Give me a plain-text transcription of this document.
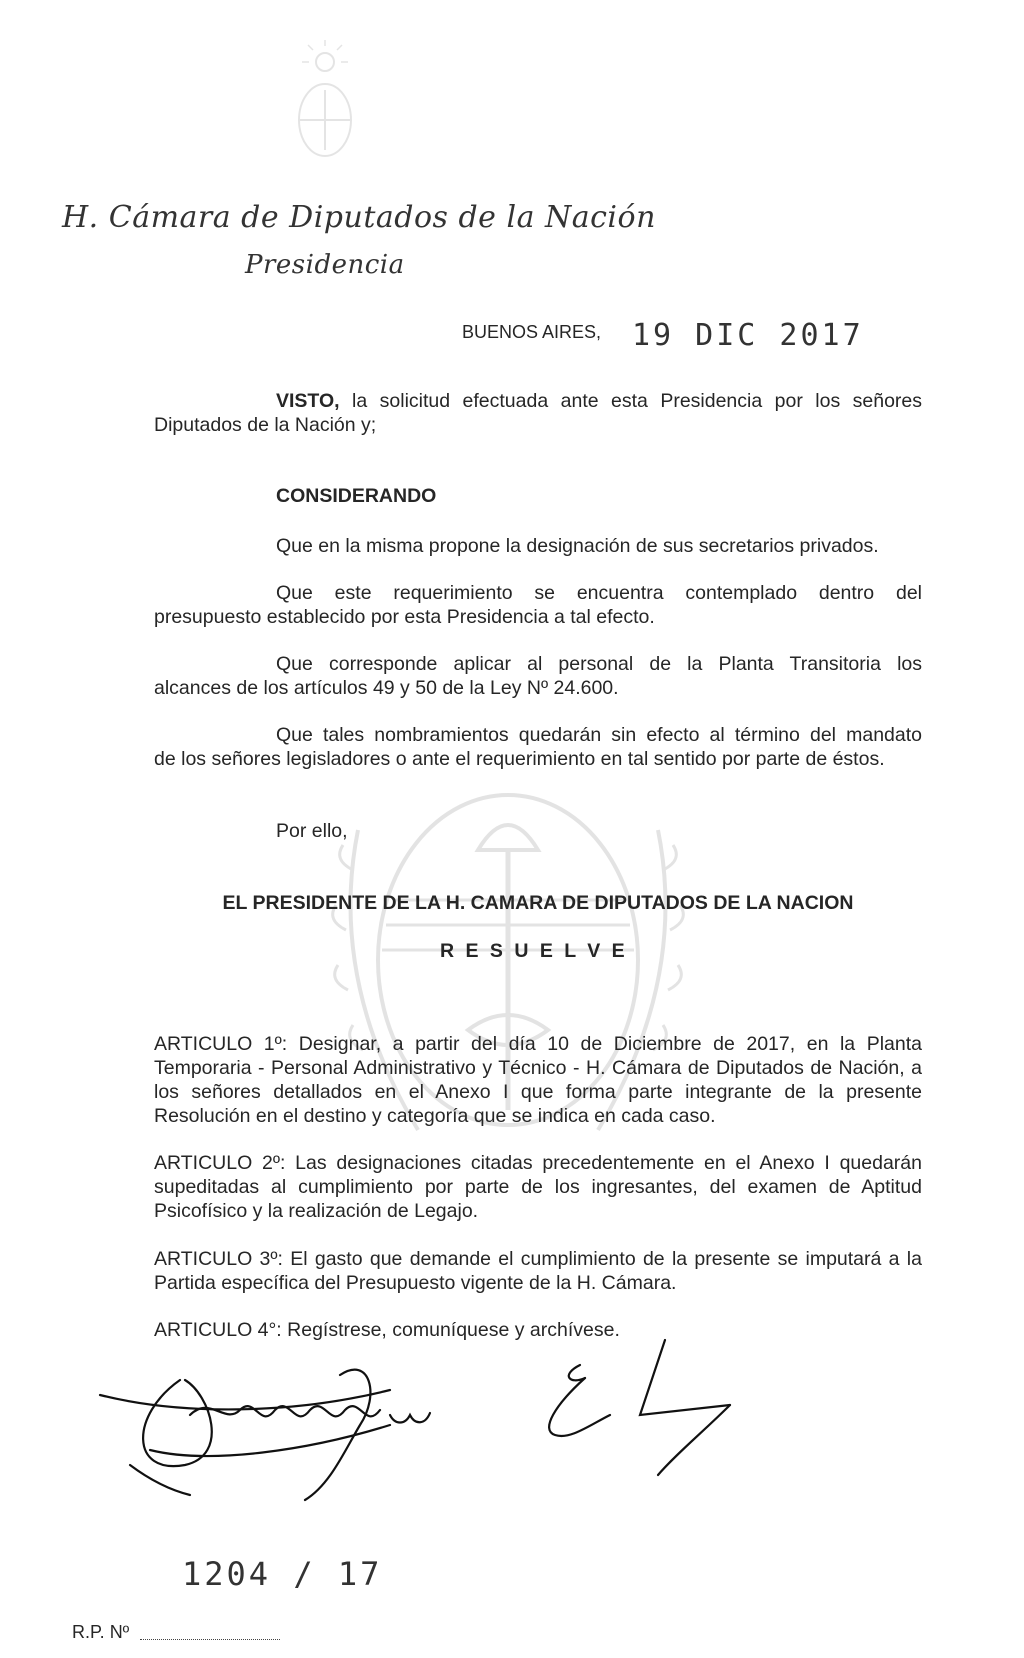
H. Cámara de Diputados de la Nación
Presidencia
BUENOS AIRES, 19 DIC 2017
VISTO, la solicitud efectuada ante esta Presidencia por los señores
Diputados de la Nación y;
CONSIDERANDO
Que en la misma propone la designación de sus secretarios privados.
Que este requerimiento se encuentra contemplado dentro del
presupuesto establecido por esta Presidencia a tal efecto.
Que corresponde aplicar al personal de la Planta Transitoria los
alcances de los artículos 49 y 50 de la Ley Nº 24.600.
Que tales nombramientos quedarán sin efecto al término del mandato
de los señores legisladores o ante el requerimiento en tal sentido por parte de éstos.
Por ello,
EL PRESIDENTE DE LA H. CAMARA DE DIPUTADOS DE LA NACION
R E S U E L V E
ARTICULO 1º: Designar, a partir del día 10 de Diciembre de 2017, en la Planta Temporaria - Personal Administrativo y Técnico - H. Cámara de Diputados de Nación, a los señores detallados en el Anexo I que forma parte integrante de la presente Resolución en el destino y categoría que se indica en cada caso.
ARTICULO 2º: Las designaciones citadas precedentemente en el Anexo I quedarán supeditadas al cumplimiento por parte de los ingresantes, del examen de Aptitud Psicofísico y la realización de Legajo.
ARTICULO 3º: El gasto que demande el cumplimiento de la presente se imputará a la Partida específica del Presupuesto vigente de la H. Cámara.
ARTICULO 4°: Regístrese, comuníquese y archívese.
R.P. Nº
1204 / 17
